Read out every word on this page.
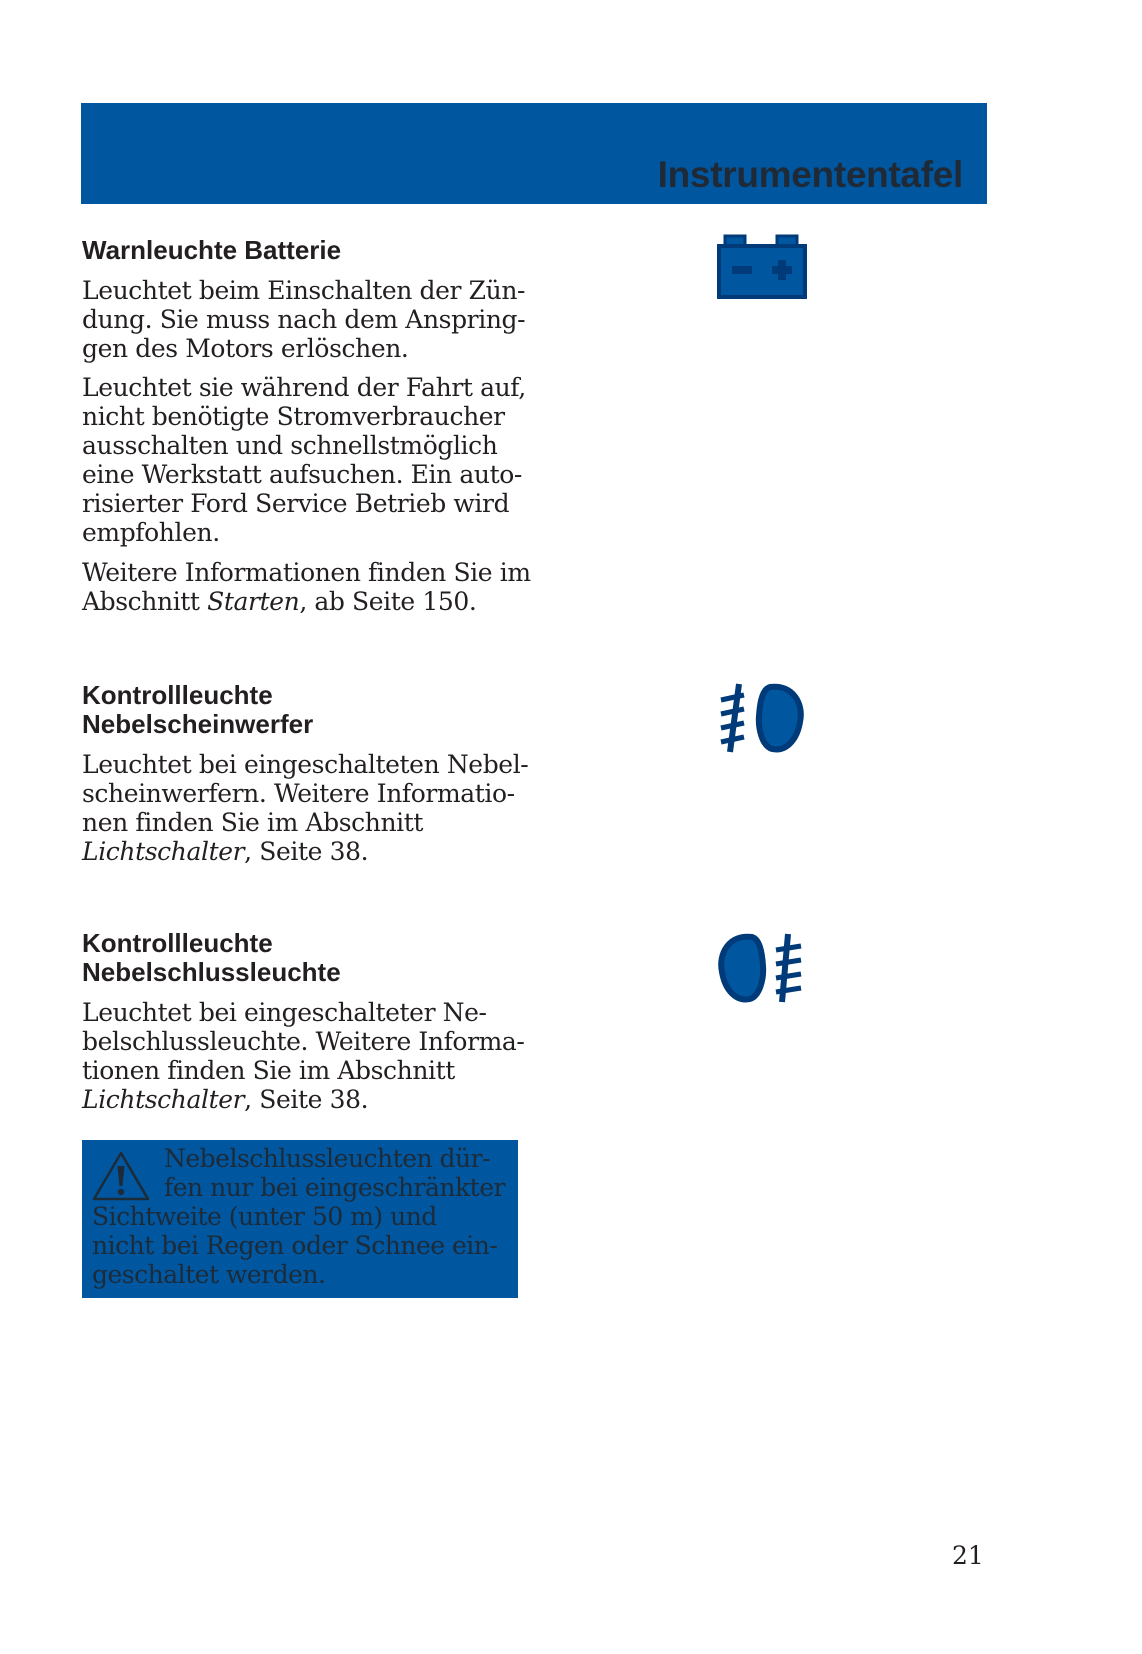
Instrumententafel
Warnleuchte Batterie

Leuchtet beim Einschalten der Zün-
dung. Sie muss nach dem Anspring-
gen des Motors erlöschen.

Leuchtet sie während der Fahrt auf,
nicht benötigte Stromverbraucher
ausschalten und schnellstmöglich
eine Werkstatt aufsuchen. Ein auto-
risierter Ford Service Betrieb wird
empfohlen.

Weitere Informationen finden Sie im
Abschnitt Starten, ab Seite 150.

Kontrollleuchte
Nebelscheinwerfer

Leuchtet bei eingeschalteten Nebel-
scheinwerfern. Weitere Informatio-
nen finden Sie im Abschnitt
Lichtschalter, Seite 38.

Kontrollleuchte
Nebelschlussleuchte

Leuchtet bei eingeschalteter Ne-
belschlussleuchte. Weitere Informa-
tionen finden Sie im Abschnitt
Lichtschalter, Seite 38.

Nebelschlussleuchten dür-
fen nur bei eingeschränkter
Sichtweite (unter 50 m) und
nicht bei Regen oder Schnee ein-
geschaltet werden.
21
